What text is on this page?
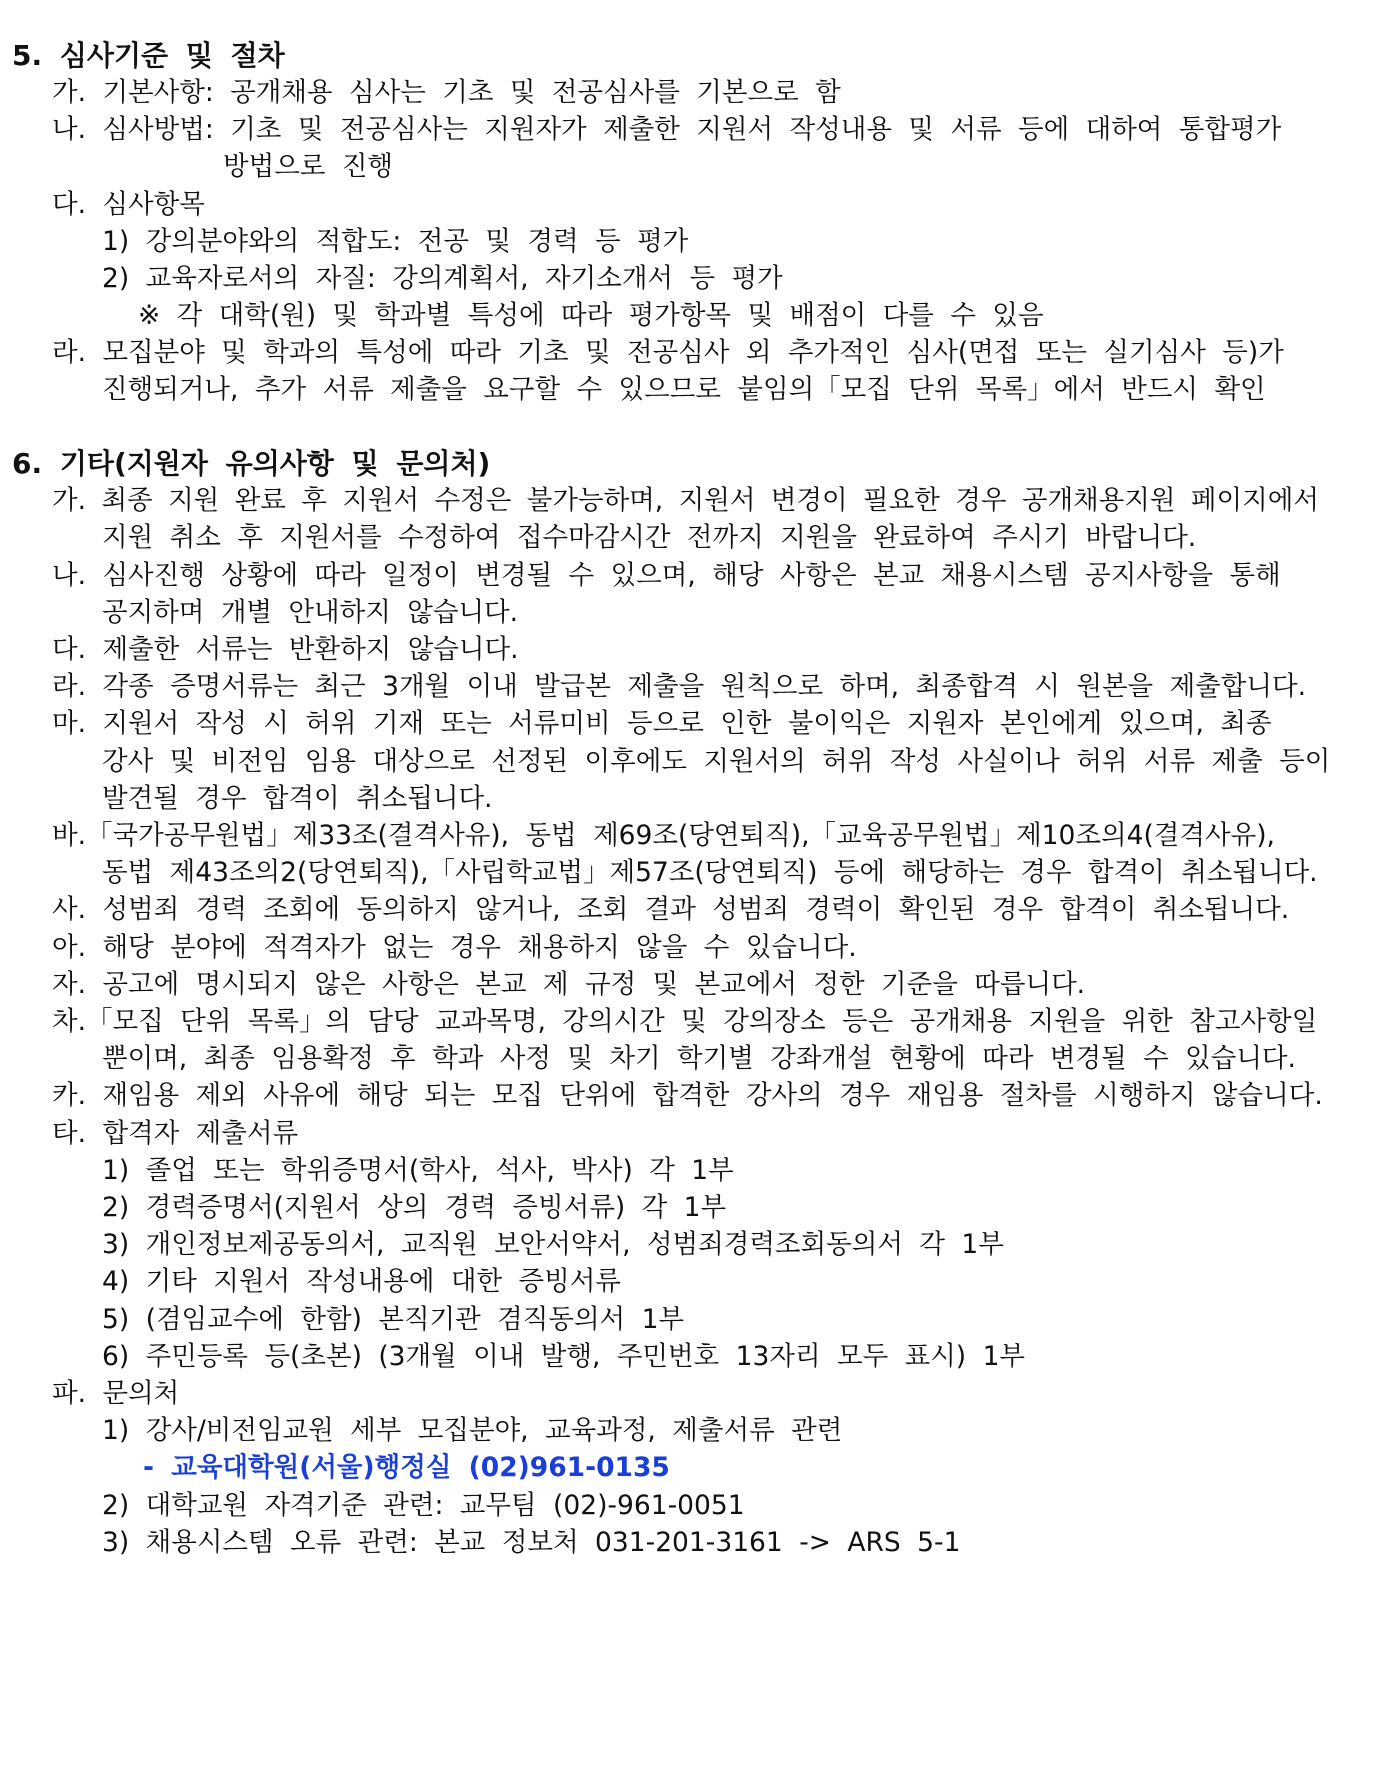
5. 심사기준 및 절차
가. 기본사항: 공개채용 심사는 기초 및 전공심사를 기본으로 함
나. 심사방법: 기초 및 전공심사는 지원자가 제출한 지원서 작성내용 및 서류 등에 대하여 통합평가
방법으로 진행
다. 심사항목
1) 강의분야와의 적합도: 전공 및 경력 등 평가
2) 교육자로서의 자질: 강의계획서, 자기소개서 등 평가
※ 각 대학(원) 및 학과별 특성에 따라 평가항목 및 배점이 다를 수 있음
라. 모집분야 및 학과의 특성에 따라 기초 및 전공심사 외 추가적인 심사(면접 또는 실기심사 등)가
진행되거나, 추가 서류 제출을 요구할 수 있으므로 붙임의「모집 단위 목록」에서 반드시 확인
6. 기타(지원자 유의사항 및 문의처)
가. 최종 지원 완료 후 지원서 수정은 불가능하며, 지원서 변경이 필요한 경우 공개채용지원 페이지에서
지원 취소 후 지원서를 수정하여 접수마감시간 전까지 지원을 완료하여 주시기 바랍니다.
나. 심사진행 상황에 따라 일정이 변경될 수 있으며, 해당 사항은 본교 채용시스템 공지사항을 통해
공지하며 개별 안내하지 않습니다.
다. 제출한 서류는 반환하지 않습니다.
라. 각종 증명서류는 최근 3개월 이내 발급본 제출을 원칙으로 하며, 최종합격 시 원본을 제출합니다.
마. 지원서 작성 시 허위 기재 또는 서류미비 등으로 인한 불이익은 지원자 본인에게 있으며, 최종
강사 및 비전임 임용 대상으로 선정된 이후에도 지원서의 허위 작성 사실이나 허위 서류 제출 등이
발견될 경우 합격이 취소됩니다.
바.「국가공무원법」제33조(결격사유), 동법 제69조(당연퇴직),「교육공무원법」제10조의4(결격사유),
동법 제43조의2(당연퇴직),「사립학교법」제57조(당연퇴직) 등에 해당하는 경우 합격이 취소됩니다.
사. 성범죄 경력 조회에 동의하지 않거나, 조회 결과 성범죄 경력이 확인된 경우 합격이 취소됩니다.
아. 해당 분야에 적격자가 없는 경우 채용하지 않을 수 있습니다.
자. 공고에 명시되지 않은 사항은 본교 제 규정 및 본교에서 정한 기준을 따릅니다.
차.「모집 단위 목록」의 담당 교과목명, 강의시간 및 강의장소 등은 공개채용 지원을 위한 참고사항일
뿐이며, 최종 임용확정 후 학과 사정 및 차기 학기별 강좌개설 현황에 따라 변경될 수 있습니다.
카. 재임용 제외 사유에 해당 되는 모집 단위에 합격한 강사의 경우 재임용 절차를 시행하지 않습니다.
타. 합격자 제출서류
1) 졸업 또는 학위증명서(학사, 석사, 박사) 각 1부
2) 경력증명서(지원서 상의 경력 증빙서류) 각 1부
3) 개인정보제공동의서, 교직원 보안서약서, 성범죄경력조회동의서 각 1부
4) 기타 지원서 작성내용에 대한 증빙서류
5) (겸임교수에 한함) 본직기관 겸직동의서 1부
6) 주민등록 등(초본) (3개월 이내 발행, 주민번호 13자리 모두 표시) 1부
파. 문의처
1) 강사/비전임교원 세부 모집분야, 교육과정, 제출서류 관련
- 교육대학원(서울)행정실 (02)961-0135
2) 대학교원 자격기준 관련: 교무팀 (02)-961-0051
3) 채용시스템 오류 관련: 본교 정보처 031-201-3161 -> ARS 5-1
